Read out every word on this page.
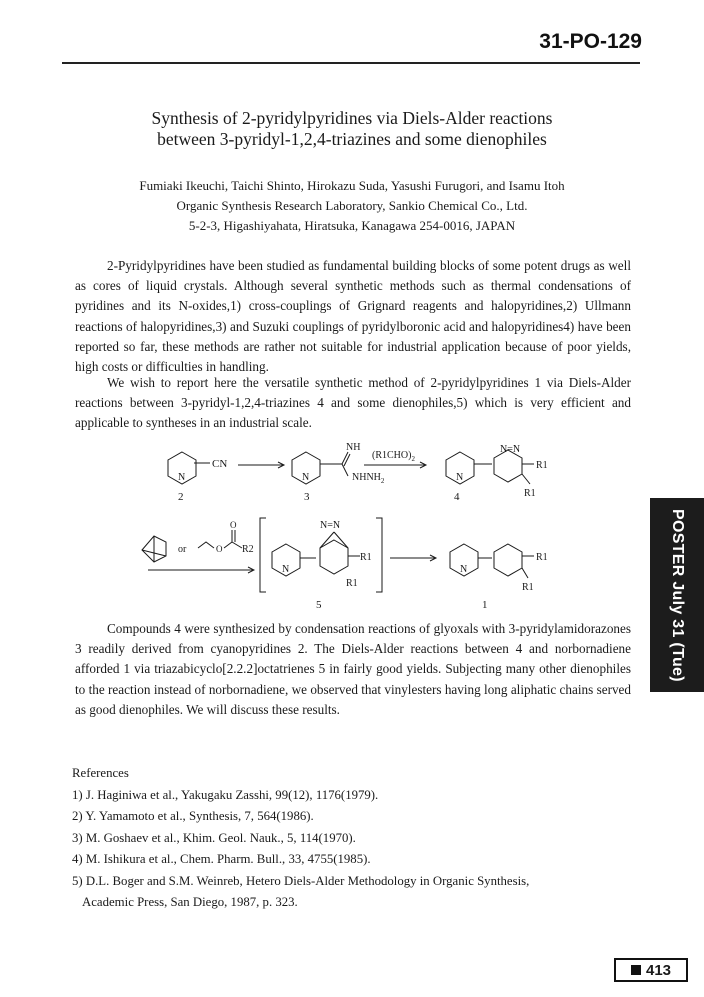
31-PO-129
Synthesis of 2-pyridylpyridines via Diels-Alder reactions
between 3-pyridyl-1,2,4-triazines and some dienophiles
Fumiaki Ikeuchi, Taichi Shinto, Hirokazu Suda, Yasushi Furugori, and Isamu Itoh
Organic Synthesis Research Laboratory, Sankio Chemical Co., Ltd.
5-2-3, Higashiyahata, Hiratsuka, Kanagawa 254-0016, JAPAN

2-Pyridylpyridines have been studied as fundamental building blocks of some potent drugs as well as cores of liquid crystals. Although several synthetic methods such as thermal condensations of pyridines and its N-oxides,1) cross-couplings of Grignard reagents and halopyridines,2) Ullmann reactions of halopyridines,3) and Suzuki couplings of pyridylboronic acid and halopyridines4) have been reported so far, these methods are rather not suitable for industrial application because of poor yields, high costs or difficulties in handling.

We wish to report here the versatile synthetic method of 2-pyridylpyridines 1 via Diels-Alder reactions between 3-pyridyl-1,2,4-triazines 4 and some dienophiles,5) which is very efficient and applicable to syntheses in an industrial scale.

CN
N
2
N
NH
$NHNH_2$
3
$(R1CHO)_2$
N
N=N
R1
R1
4
or	O
O
R2
N
N=N
R1
R1
5
N
R1
R1
1

Compounds 4 were synthesized by condensation reactions of glyoxals with 3-pyridylamidorazones 3 readily derived from cyanopyridines 2. The Diels-Alder reactions between 4 and norbornadiene afforded 1 via triazabicyclo[2.2.2]octatrienes 5 in fairly good yields. Subjecting many other dienophiles to the reaction instead of norbornadiene, we observed that vinylesters having long aliphatic chains served as good dienophiles. We will discuss these results.

References
1) J. Haginiwa et al., Yakugaku Zasshi, 99(12), 1176(1979).
2) Y. Yamamoto et al., Synthesis, 7, 564(1986).
3) M. Goshaev et al., Khim. Geol. Nauk., 5, 114(1970).
4) M. Ishikura et al., Chem. Pharm. Bull., 33, 4755(1985).
5) D.L. Boger and S.M. Weinreb, Hetero Diels-Alder Methodology in Organic Synthesis,
Academic Press, San Diego, 1987, p. 323.
POSTER July 31 (Tue)
413
